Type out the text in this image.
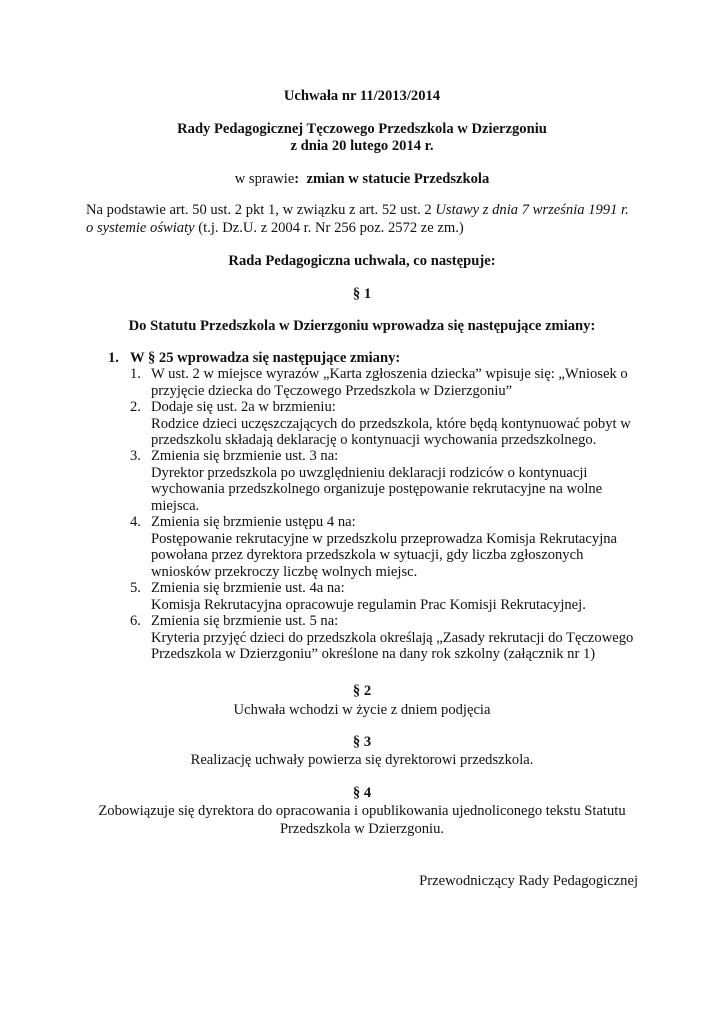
Uchwała nr 11/2013/2014
Rady Pedagogicznej Tęczowego Przedszkola w Dzierzgoniu
z dnia 20 lutego 2014 r.
w sprawie: zmian w statucie Przedszkola
Na podstawie art. 50 ust. 2 pkt 1, w związku z art. 52 ust. 2 Ustawy z dnia 7 września 1991 r.
o systemie oświaty (t.j. Dz.U. z 2004 r. Nr 256 poz. 2572 ze zm.)
Rada Pedagogiczna uchwala, co następuje:
§ 1
Do Statutu Przedszkola w Dzierzgoniu wprowadza się następujące zmiany:
1. W § 25 wprowadza się następujące zmiany:
1. W ust. 2 w miejsce wyrazów „Karta zgłoszenia dziecka” wpisuje się: „Wniosek o
przyjęcie dziecka do Tęczowego Przedszkola w Dzierzgoniu”
2. Dodaje się ust. 2a w brzmieniu:
Rodzice dzieci uczęszczających do przedszkola, które będą kontynuować pobyt w
przedszkolu składają deklarację o kontynuacji wychowania przedszkolnego.
3. Zmienia się brzmienie ust. 3 na:
Dyrektor przedszkola po uwzględnieniu deklaracji rodziców o kontynuacji
wychowania przedszkolnego organizuje postępowanie rekrutacyjne na wolne
miejsca.
4. Zmienia się brzmienie ustępu 4 na:
Postępowanie rekrutacyjne w przedszkolu przeprowadza Komisja Rekrutacyjna
powołana przez dyrektora przedszkola w sytuacji, gdy liczba zgłoszonych
wniosków przekroczy liczbę wolnych miejsc.
5. Zmienia się brzmienie ust. 4a na:
Komisja Rekrutacyjna opracowuje regulamin Prac Komisji Rekrutacyjnej.
6. Zmienia się brzmienie ust. 5 na:
Kryteria przyjęć dzieci do przedszkola określają „Zasady rekrutacji do Tęczowego
Przedszkola w Dzierzgoniu” określone na dany rok szkolny (załącznik nr 1)
§ 2
Uchwała wchodzi w życie z dniem podjęcia
§ 3
Realizację uchwały powierza się dyrektorowi przedszkola.
§ 4
Zobowiązuje się dyrektora do opracowania i opublikowania ujednoliconego tekstu Statutu
Przedszkola w Dzierzgoniu.
Przewodniczący Rady Pedagogicznej
